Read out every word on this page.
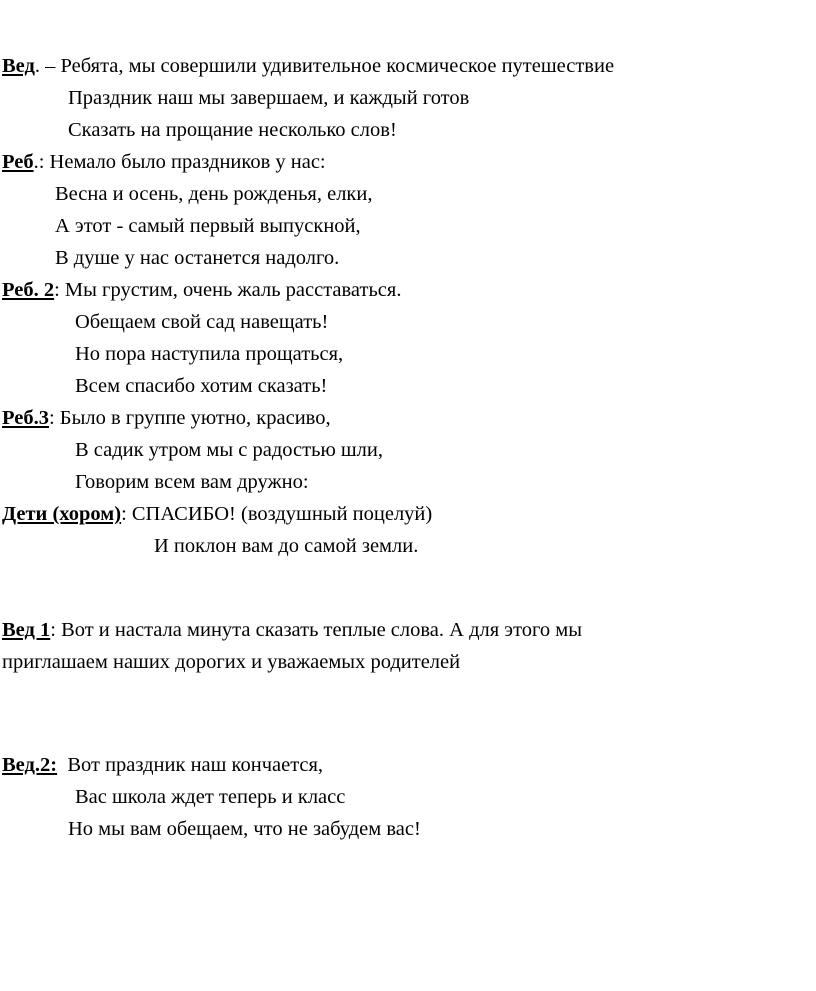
Вед. – Ребята, мы совершили удивительное космическое путешествие
Праздник наш мы завершаем, и каждый готов
Сказать на прощание несколько слов!
Реб.: Немало было праздников у нас:
Весна и осень, день рожденья, елки,
А этот - самый первый выпускной,
В душе у нас останется надолго.
Реб. 2: Мы грустим, очень жаль расставаться.
Обещаем свой сад навещать!
Но пора наступила прощаться,
Всем спасибо хотим сказать!
Реб.3: Было в группе уютно, красиво,
В садик утром мы с радостью шли,
Говорим всем вам дружно:
Дети (хором): СПАСИБО! (воздушный поцелуй)
И поклон вам до самой земли.
Вед 1: Вот и настала минута сказать теплые слова. А для этого мы
приглашаем наших дорогих и уважаемых родителей
Вед.2:  Вот праздник наш кончается,
Вас школа ждет теперь и класс
Но мы вам обещаем, что не забудем вас!
